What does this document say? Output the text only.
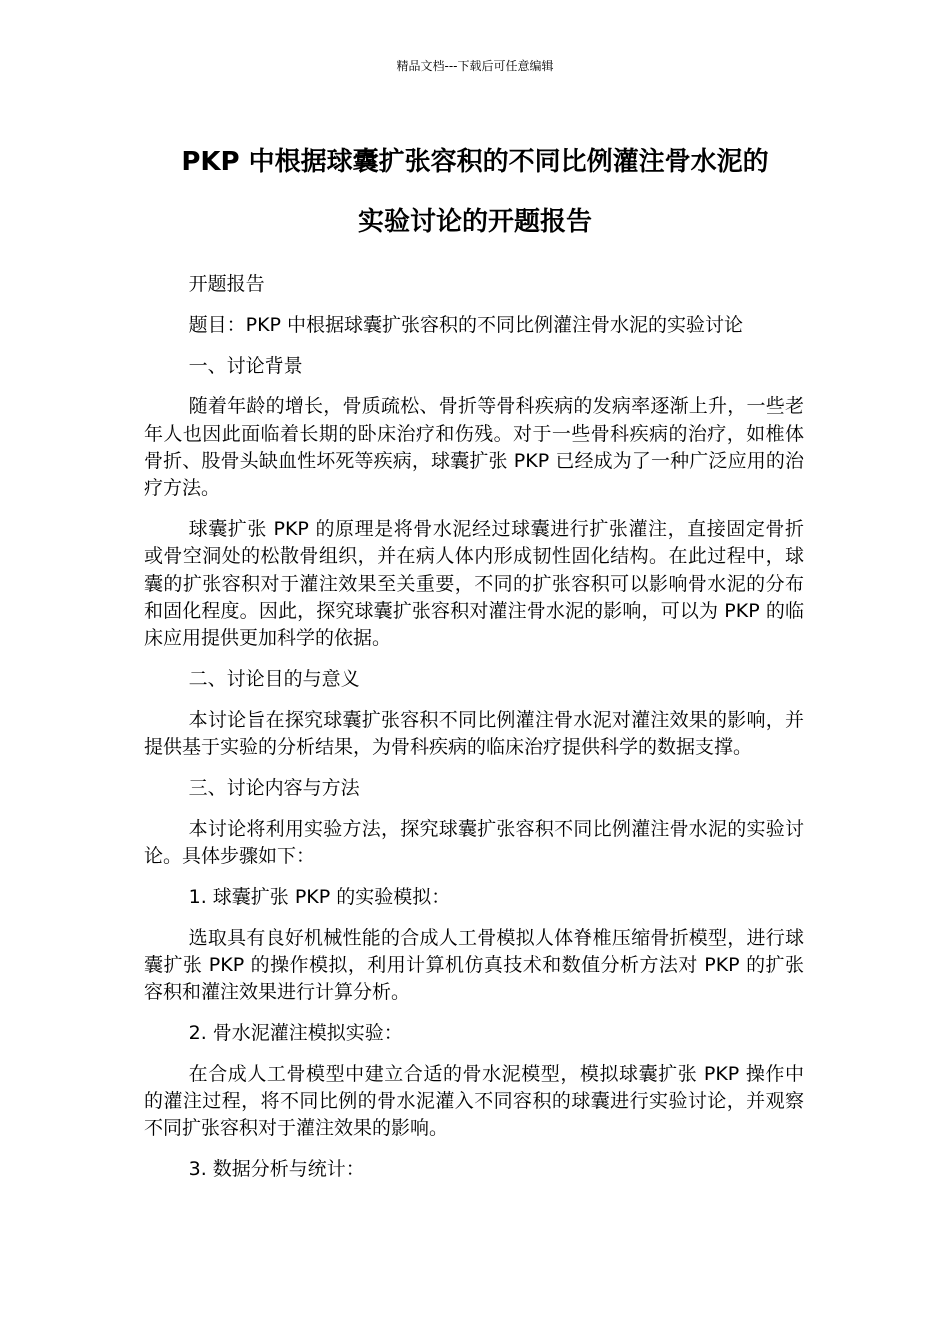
精品文档---下载后可任意编辑
PKP 中根据球囊扩张容积的不同比例灌注骨水泥的
实验讨论的开题报告

开题报告

题目：PKP 中根据球囊扩张容积的不同比例灌注骨水泥的实验讨论

一、讨论背景

随着年龄的增长，骨质疏松、骨折等骨科疾病的发病率逐渐上升，一些老年人也因此面临着长期的卧床治疗和伤残。对于一些骨科疾病的治疗，如椎体骨折、股骨头缺血性坏死等疾病，球囊扩张 PKP 已经成为了一种广泛应用的治疗方法。

球囊扩张 PKP 的原理是将骨水泥经过球囊进行扩张灌注，直接固定骨折或骨空洞处的松散骨组织，并在病人体内形成韧性固化结构。在此过程中，球囊的扩张容积对于灌注效果至关重要，不同的扩张容积可以影响骨水泥的分布和固化程度。因此，探究球囊扩张容积对灌注骨水泥的影响，可以为 PKP 的临床应用提供更加科学的依据。

二、讨论目的与意义

本讨论旨在探究球囊扩张容积不同比例灌注骨水泥对灌注效果的影响，并提供基于实验的分析结果，为骨科疾病的临床治疗提供科学的数据支撑。

三、讨论内容与方法

本讨论将利用实验方法，探究球囊扩张容积不同比例灌注骨水泥的实验讨论。具体步骤如下：

1. 球囊扩张 PKP 的实验模拟：

选取具有良好机械性能的合成人工骨模拟人体脊椎压缩骨折模型，进行球囊扩张 PKP 的操作模拟，利用计算机仿真技术和数值分析方法对 PKP 的扩张容积和灌注效果进行计算分析。

2. 骨水泥灌注模拟实验：

在合成人工骨模型中建立合适的骨水泥模型，模拟球囊扩张 PKP 操作中的灌注过程，将不同比例的骨水泥灌入不同容积的球囊进行实验讨论，并观察不同扩张容积对于灌注效果的影响。

3. 数据分析与统计：
